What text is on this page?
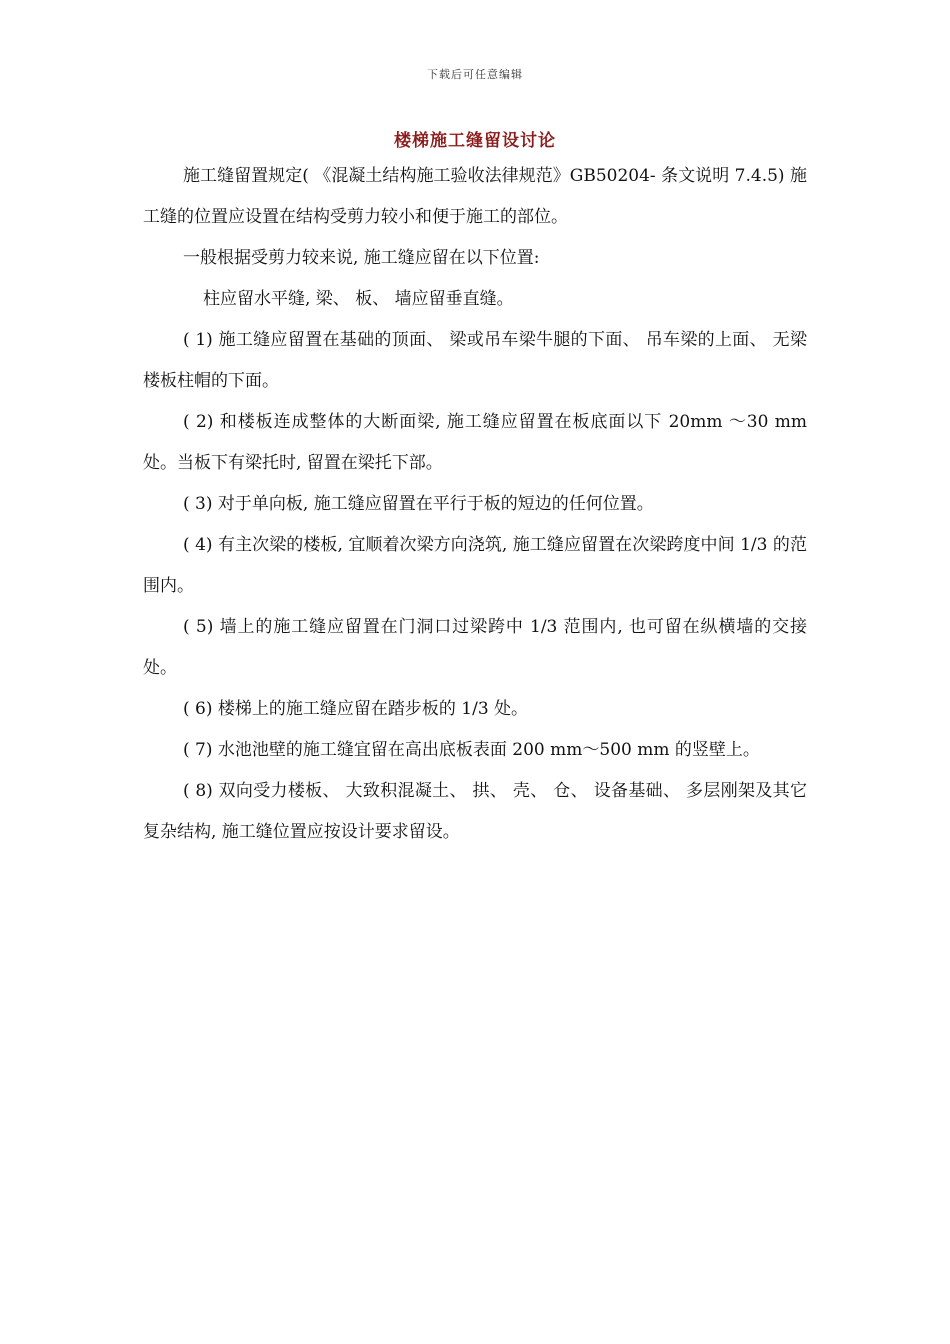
下载后可任意编辑
楼梯施工缝留设讨论

施工缝留置规定( 《混凝土结构施工验收法律规范》GB50204- 条文说明 7.4.5) 施工缝的位置应设置在结构受剪力较小和便于施工的部位。

一般根据受剪力较来说, 施工缝应留在以下位置:

柱应留水平缝, 梁、 板、 墙应留垂直缝。

( 1) 施工缝应留置在基础的顶面、 梁或吊车梁牛腿的下面、 吊车梁的上面、 无梁楼板柱帽的下面。

( 2) 和楼板连成整体的大断面梁, 施工缝应留置在板底面以下 20mm ～30 mm 处。当板下有梁托时, 留置在梁托下部。

( 3) 对于单向板, 施工缝应留置在平行于板的短边的任何位置。

( 4) 有主次梁的楼板, 宜顺着次梁方向浇筑, 施工缝应留置在次梁跨度中间 1/3 的范围内。

( 5) 墙上的施工缝应留置在门洞口过梁跨中 1/3 范围内, 也可留在纵横墙的交接处。

( 6) 楼梯上的施工缝应留在踏步板的 1/3 处。

( 7) 水池池壁的施工缝宜留在高出底板表面 200 mm～500 mm 的竖壁上。

( 8) 双向受力楼板、 大致积混凝土、 拱、 壳、 仓、 设备基础、 多层刚架及其它复杂结构, 施工缝位置应按设计要求留设。
